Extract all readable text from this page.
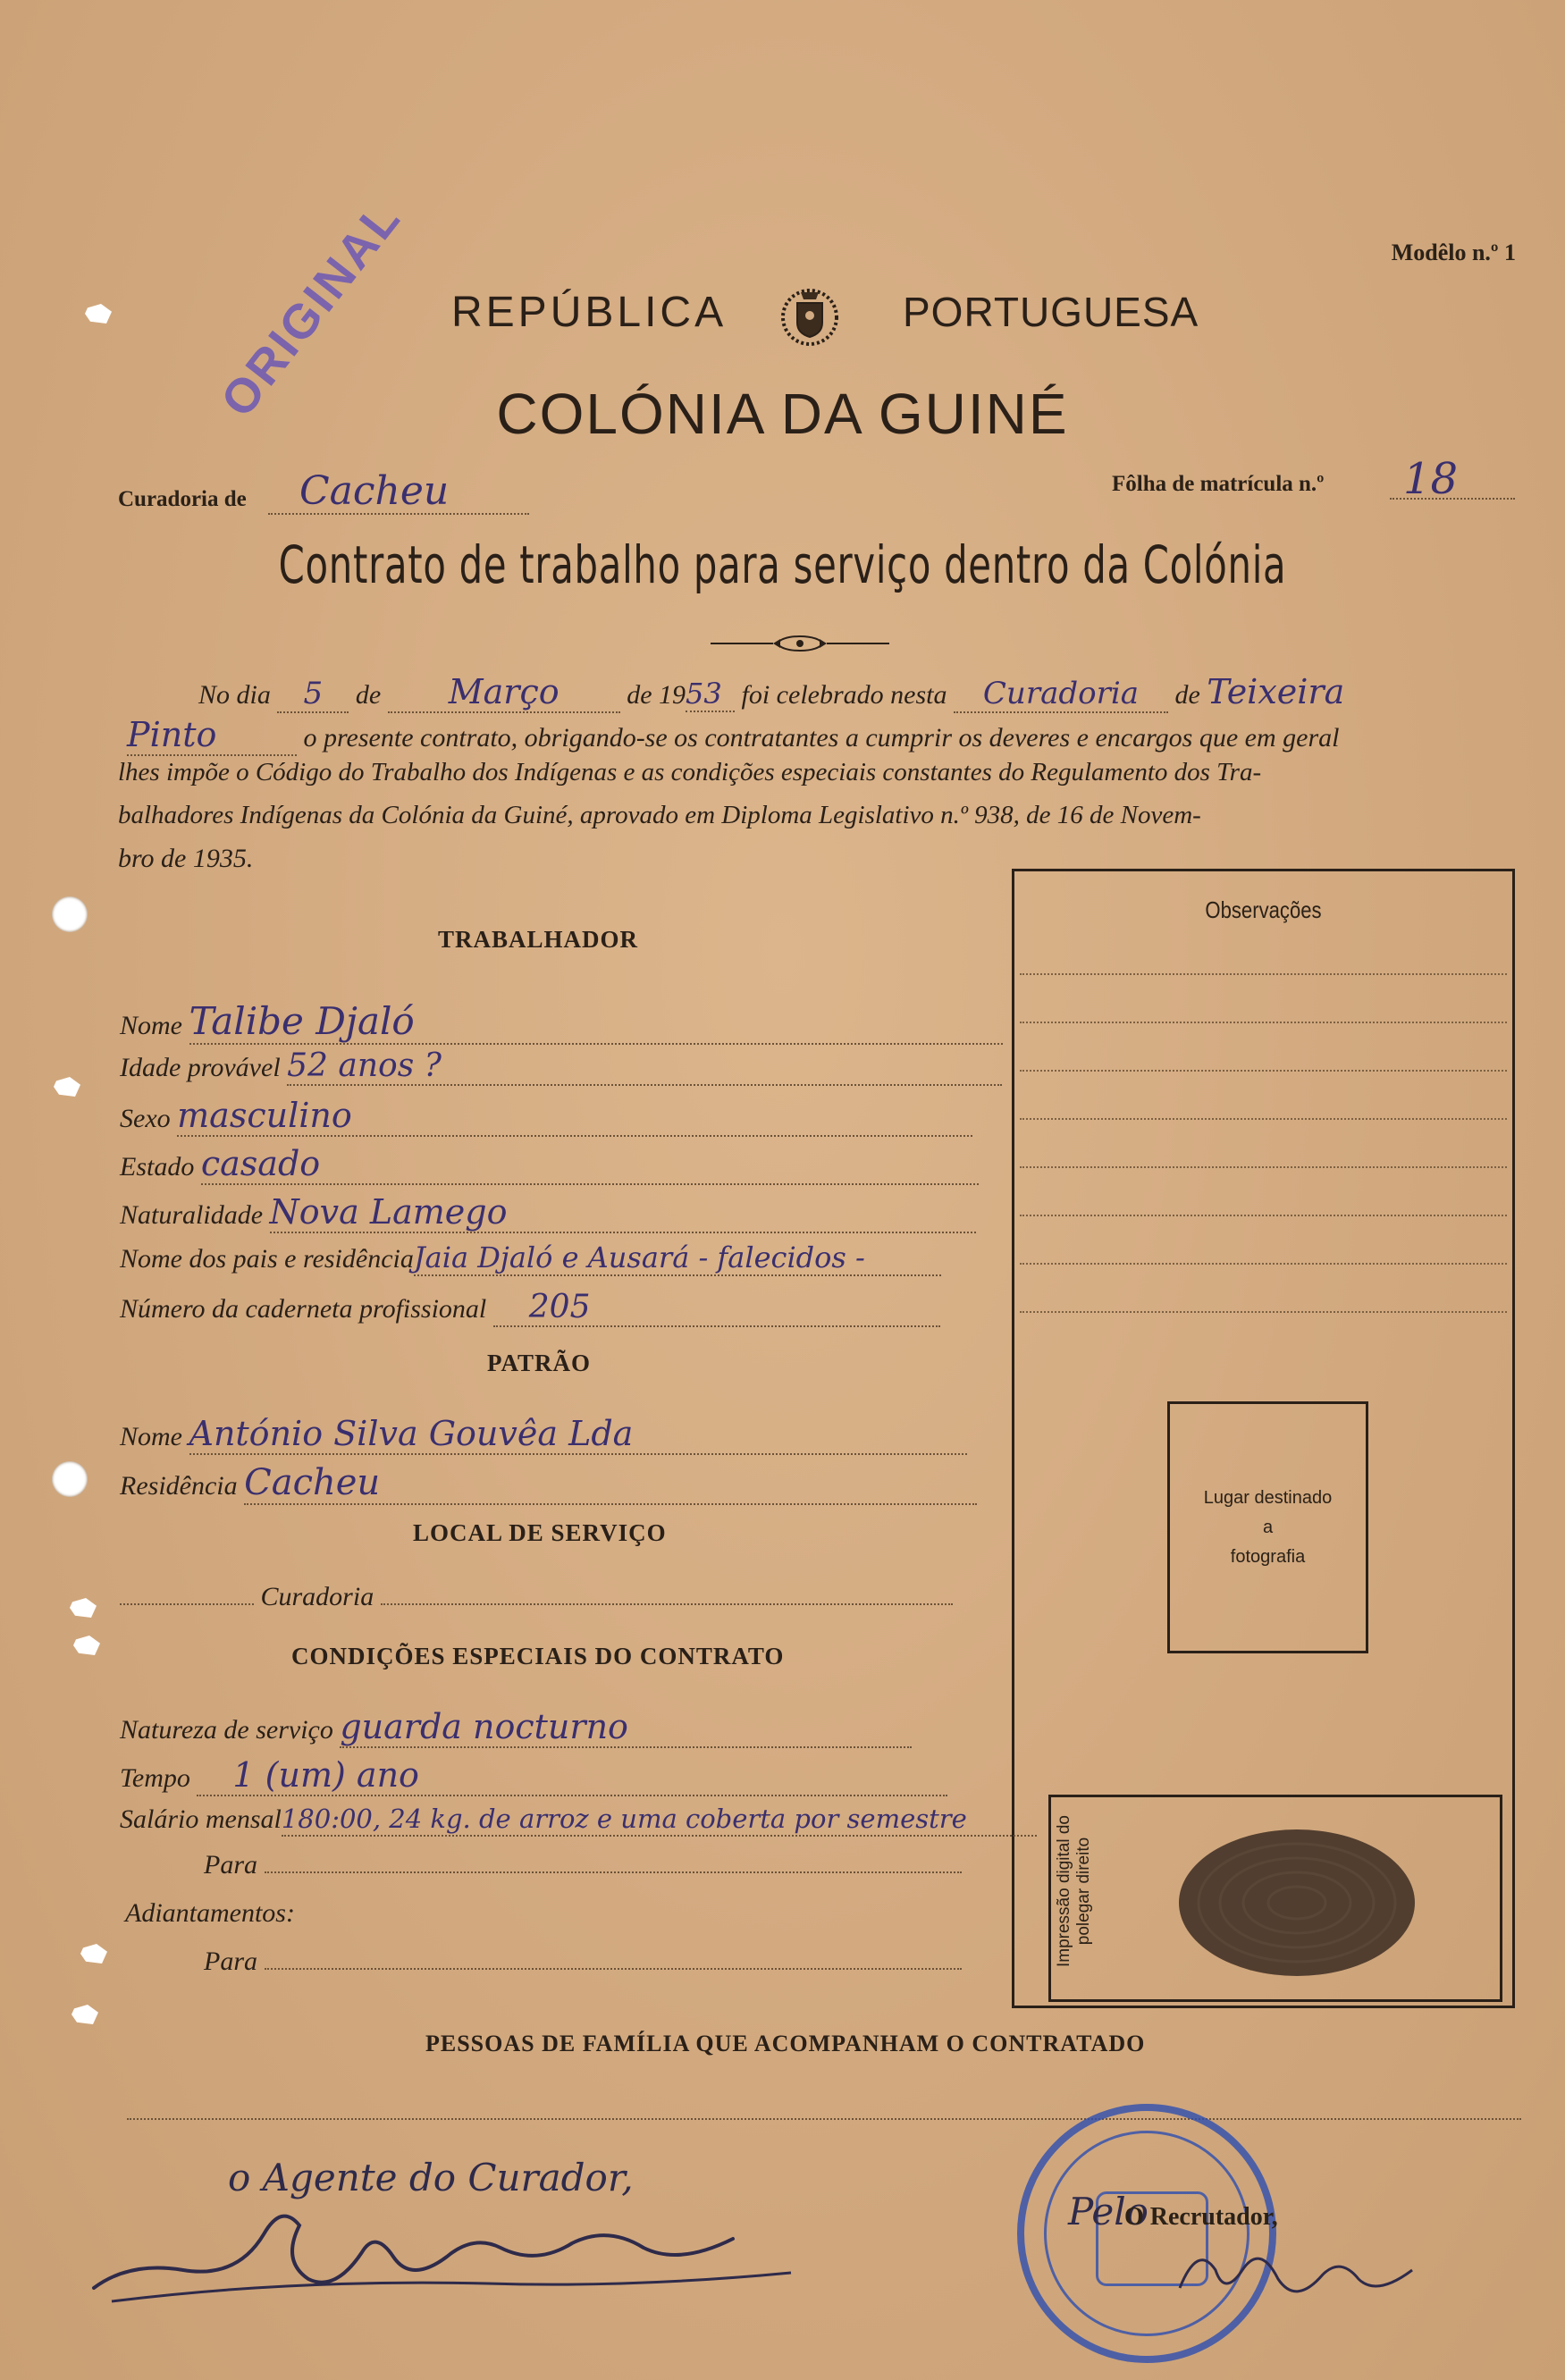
ORIGINAL	Modêlo n.º 1
REPÚBLICA	PORTUGUESA
COLÓNIA DA GUINÉ
Curadoria de Cacheu	Fôlha de matrícula n.º 18
Contrato de trabalho para serviço dentro da Colónia
No dia 5 de Março	de 1953 foi celebrado nesta Curadoria de Teixeira
Pinto	o presente contrato, obrigando-se os contratantes a cumprir os deveres e encargos que em geral
lhes impõe o Código do Trabalho dos Indígenas e as condições especiais constantes do Regulamento dos Tra-
balhadores Indígenas da Colónia da Guiné, aprovado em Diploma Legislativo n.º 938, de 16 de Novem-
bro de 1935.
Observações
Lugar destinado
a
fotografia
Impressão digital do polegar direito
TRABALHADOR
Nome Talibe Djaló
Idade provável 52 anos ?
Sexo masculino
Estado casado
Naturalidade Nova Lamego
Nome dos pais e residênciaJaia Djaló e Ausará - falecidos -
Número da caderneta profissional 205
PATRÃO
Nome António Silva Gouvêa Lda
Residência Cacheu
LOCAL DE SERVIÇO
Curadoria
CONDIÇÕES ESPECIAIS DO CONTRATO
Natureza de serviço guarda nocturno
Tempo 1 (um) ano
Salário mensal180:00, 24 kg. de arroz e uma coberta por semestre
Para
Adiantamentos:
Para
PESSOAS DE FAMÍLIA QUE ACOMPANHAM O CONTRATADO
o Agente do Curador,
Pelo
O Recrutador,
